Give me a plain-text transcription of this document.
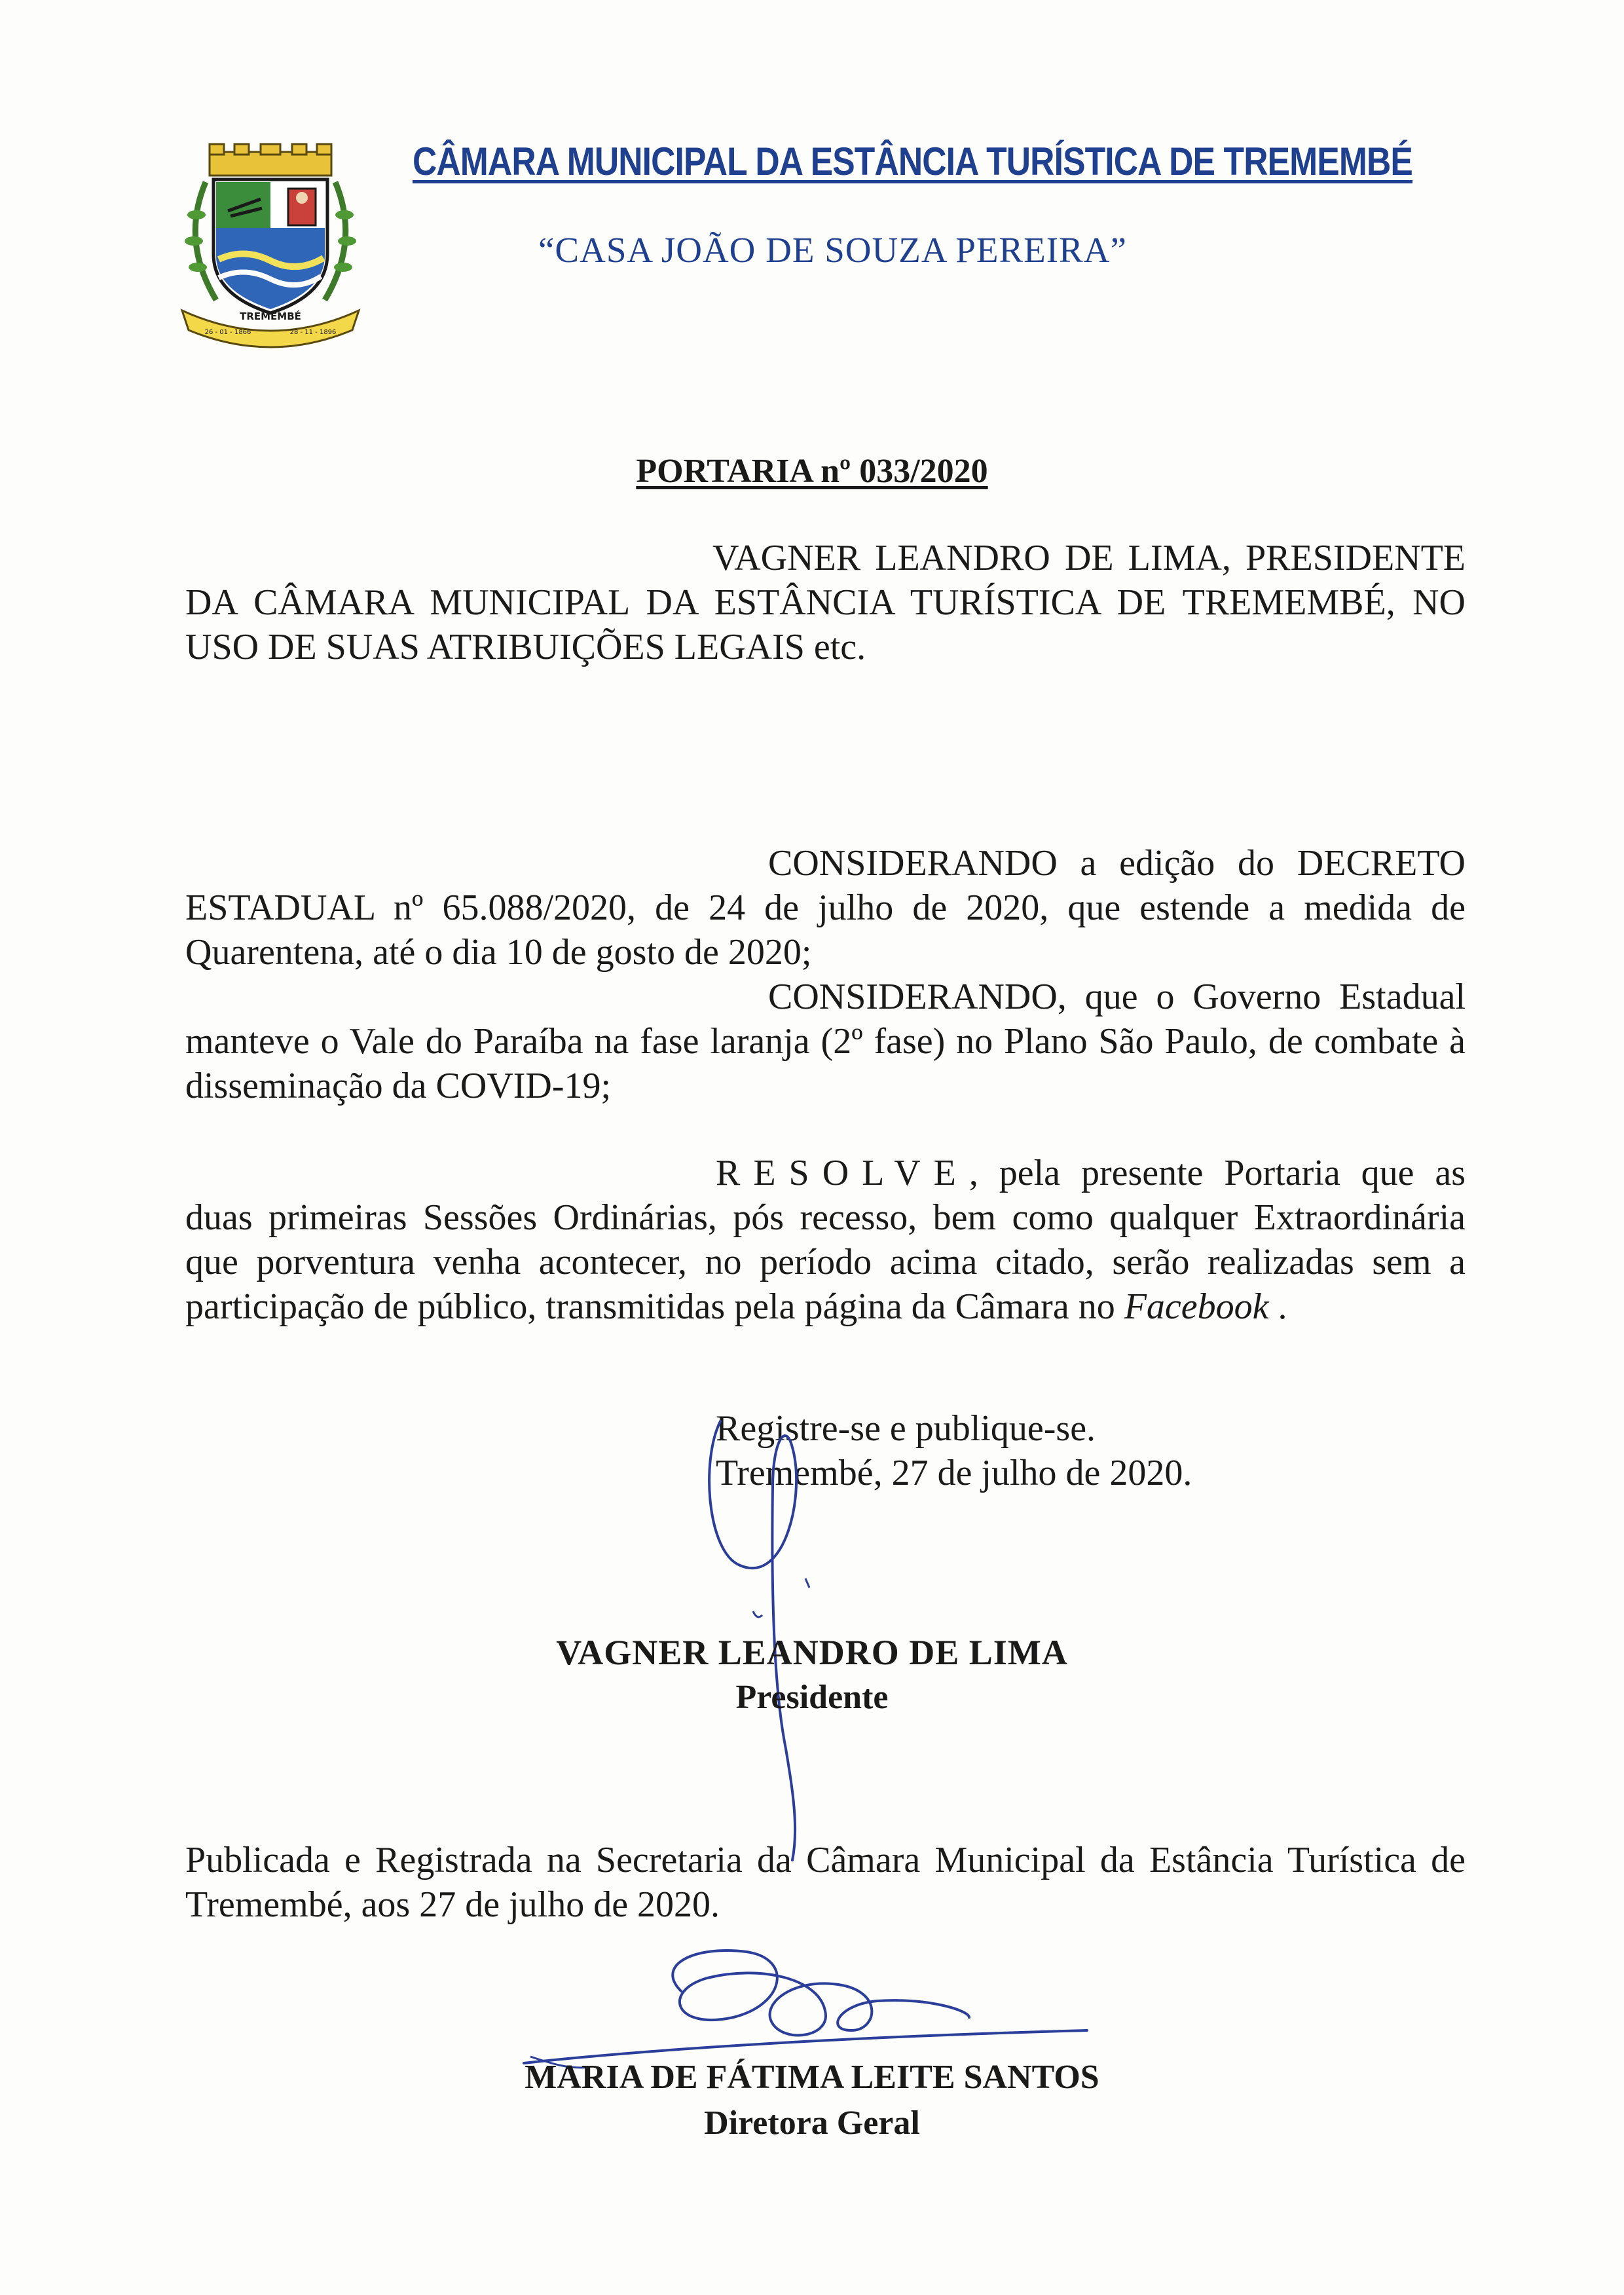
TREMEMBÉ
26 - 01 - 1866	28 - 11 - 1896
CÂMARA MUNICIPAL DA ESTÂNCIA TURÍSTICA DE TREMEMBÉ
“CASA JOÃO DE SOUZA PEREIRA”
PORTARIA nº 033/2020

VAGNER LEANDRO DE LIMA, PRESIDENTE DA CÂMARA MUNICIPAL DA ESTÂNCIA TURÍSTICA DE TREMEMBÉ, NO USO DE SUAS ATRIBUIÇÕES LEGAIS etc.

CONSIDERANDO a edição do DECRETO ESTADUAL nº 65.088/2020, de 24 de julho de 2020, que estende a medida de Quarentena, até o dia 10 de gosto de 2020;

CONSIDERANDO, que o Governo Estadual manteve o Vale do Paraíba na fase laranja (2º fase) no Plano São Paulo, de combate à disseminação da COVID-19;

RESOLVE, pela presente Portaria que as duas primeiras Sessões Ordinárias, pós recesso, bem como qualquer Extraordinária que porventura venha acontecer, no período acima citado, serão realizadas sem a participação de público, transmitidas pela página da Câmara no Facebook .

Registre-se e publique-se.

Tremembé, 27 de julho de 2020.

VAGNER LEANDRO DE LIMA
Presidente

Publicada e Registrada na Secretaria da Câmara Municipal da Estância Turística de Tremembé, aos 27 de julho de 2020.

MARIA DE FÁTIMA LEITE SANTOS
Diretora Geral
